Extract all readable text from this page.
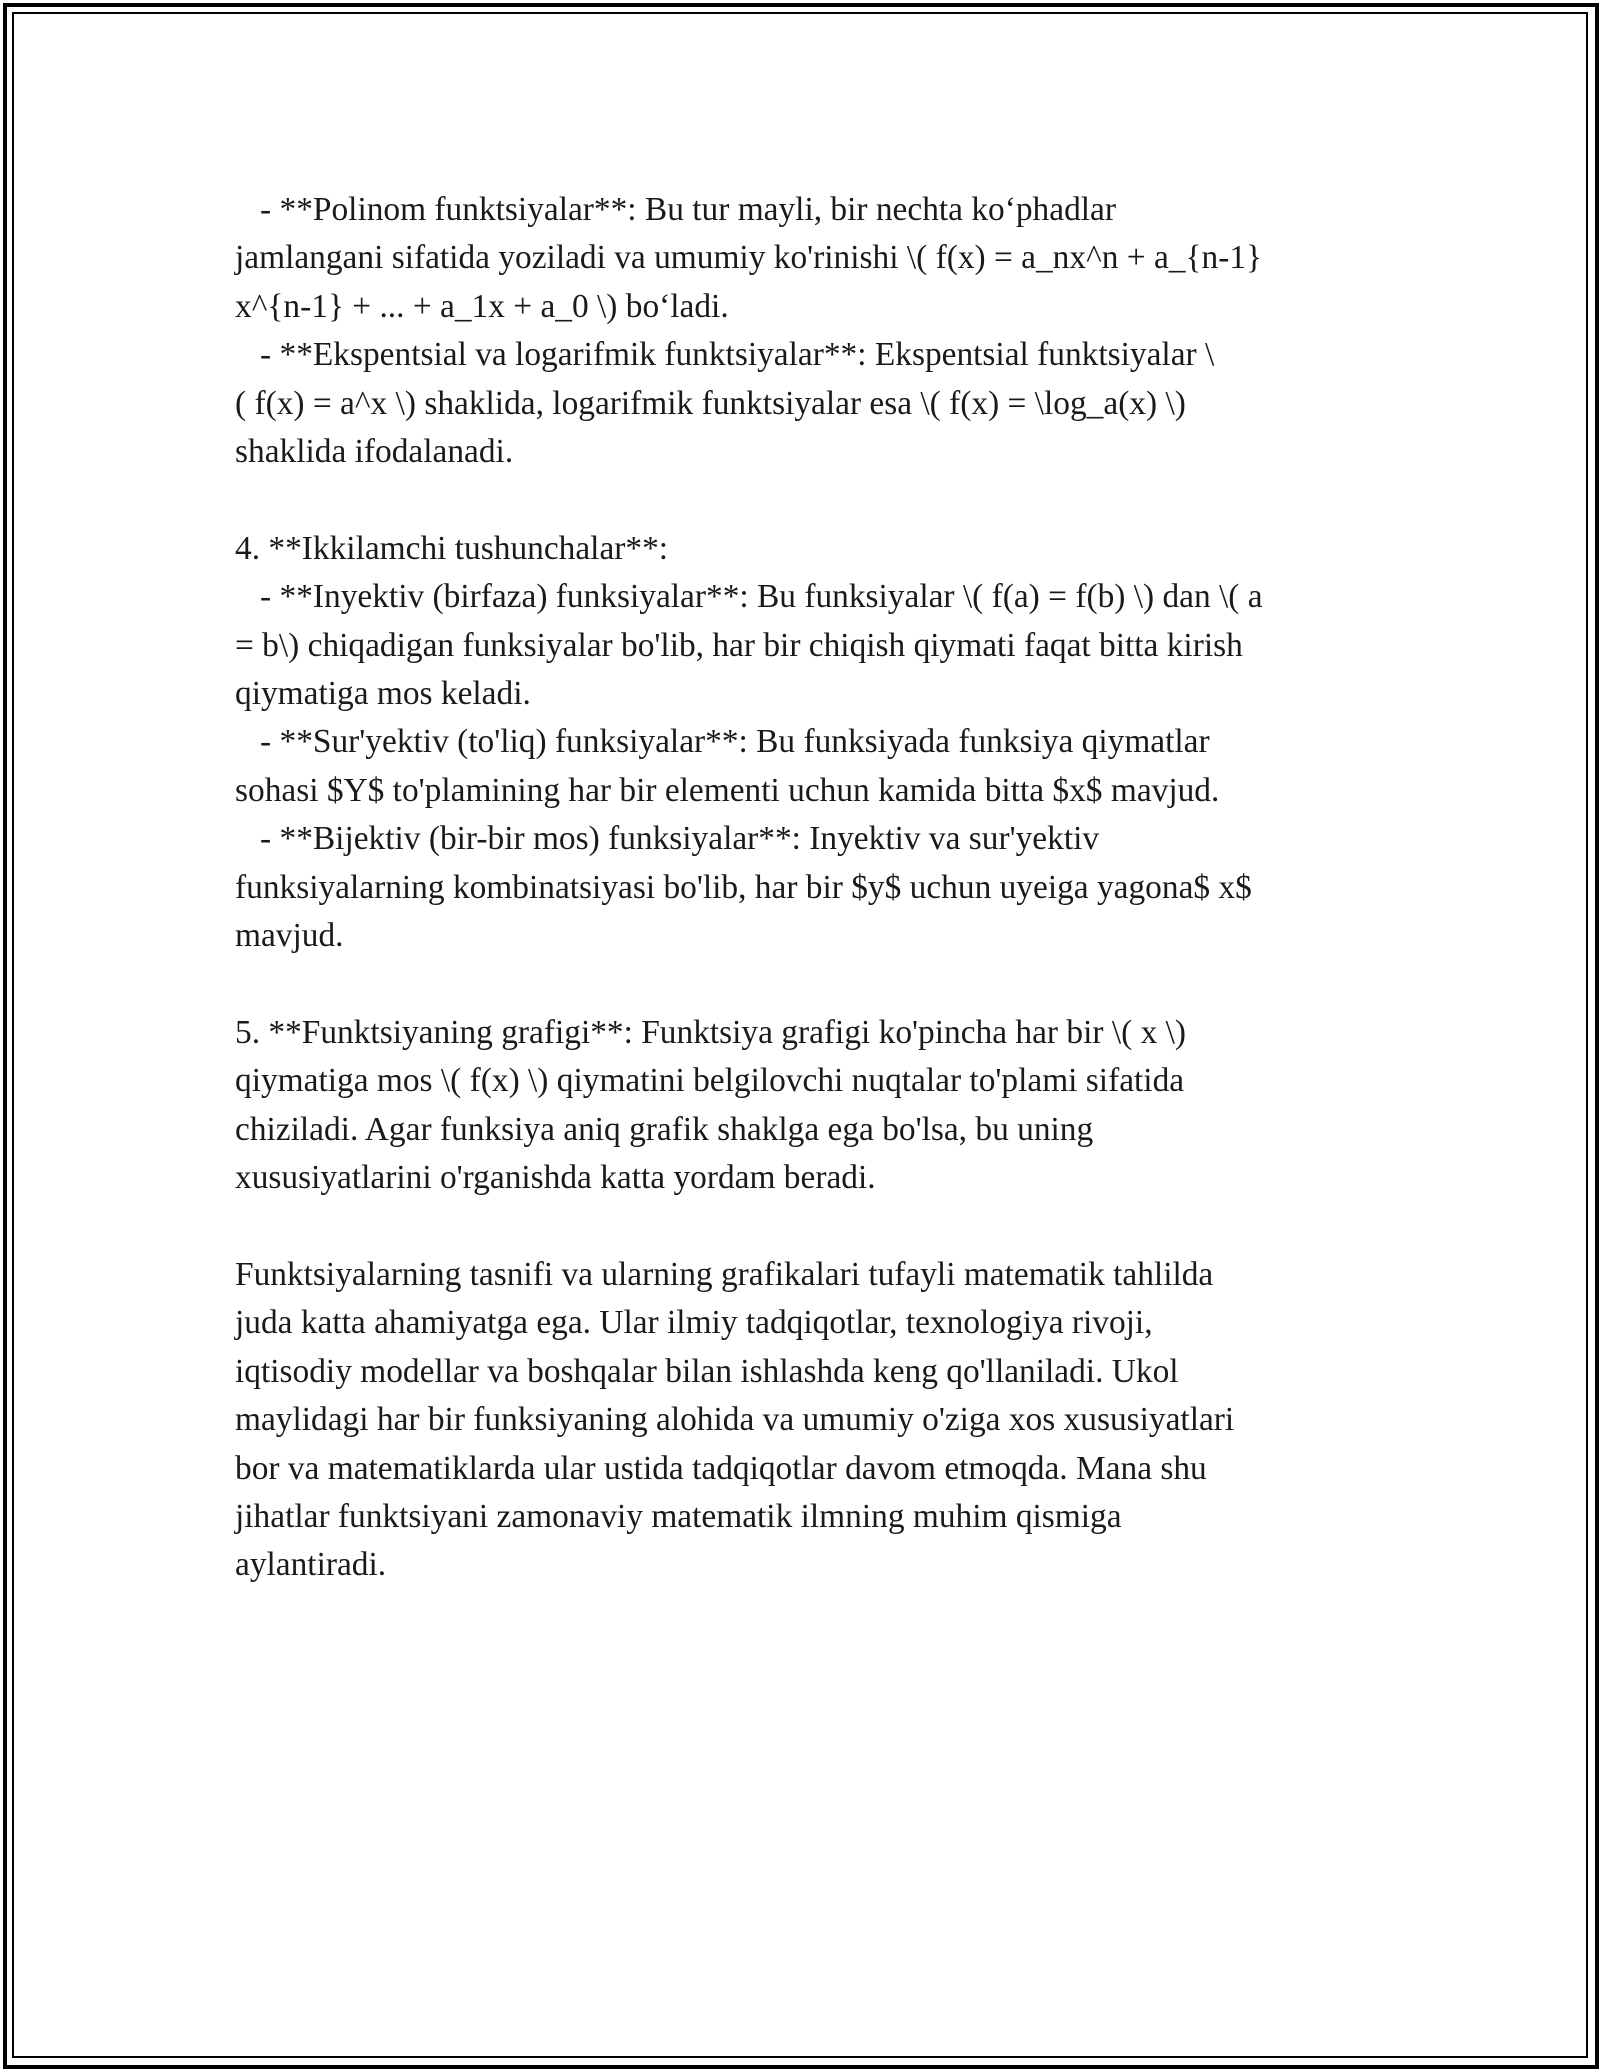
- **Polinom funktsiyalar**: Bu tur mayli, bir nechta ko‘phadlar
jamlangani sifatida yoziladi va umumiy ko'rinishi \( f(x) = a_nx^n + a_{n-1}
x^{n-1} + ... + a_1x + a_0 \) bo‘ladi.
- **Ekspentsial va logarifmik funktsiyalar**: Ekspentsial funktsiyalar \
( f(x) = a^x \) shaklida, logarifmik funktsiyalar esa \( f(x) = \log_a(x) \)
shaklida ifodalanadi.

4. **Ikkilamchi tushunchalar**:
- **Inyektiv (birfaza) funksiyalar**: Bu funksiyalar \( f(a) = f(b) \) dan \( a
= b\) chiqadigan funksiyalar bo'lib, har bir chiqish qiymati faqat bitta kirish
qiymatiga mos keladi.
- **Sur'yektiv (to'liq) funksiyalar**: Bu funksiyada funksiya qiymatlar
sohasi $Y$ to'plamining har bir elementi uchun kamida bitta $x$ mavjud.
- **Bijektiv (bir-bir mos) funksiyalar**: Inyektiv va sur'yektiv
funksiyalarning kombinatsiyasi bo'lib, har bir $y$ uchun uyeiga yagona$ x$
mavjud.

5. **Funktsiyaning grafigi**: Funktsiya grafigi ko'pincha har bir \( x \)
qiymatiga mos \( f(x) \) qiymatini belgilovchi nuqtalar to'plami sifatida
chiziladi. Agar funksiya aniq grafik shaklga ega bo'lsa, bu uning
xususiyatlarini o'rganishda katta yordam beradi.

Funktsiyalarning tasnifi va ularning grafikalari tufayli matematik tahlilda
juda katta ahamiyatga ega. Ular ilmiy tadqiqotlar, texnologiya rivoji,
iqtisodiy modellar va boshqalar bilan ishlashda keng qo'llaniladi. Ukol
maylidagi har bir funksiyaning alohida va umumiy o'ziga xos xususiyatlari
bor va matematiklarda ular ustida tadqiqotlar davom etmoqda. Mana shu
jihatlar funktsiyani zamonaviy matematik ilmning muhim qismiga
aylantiradi.
